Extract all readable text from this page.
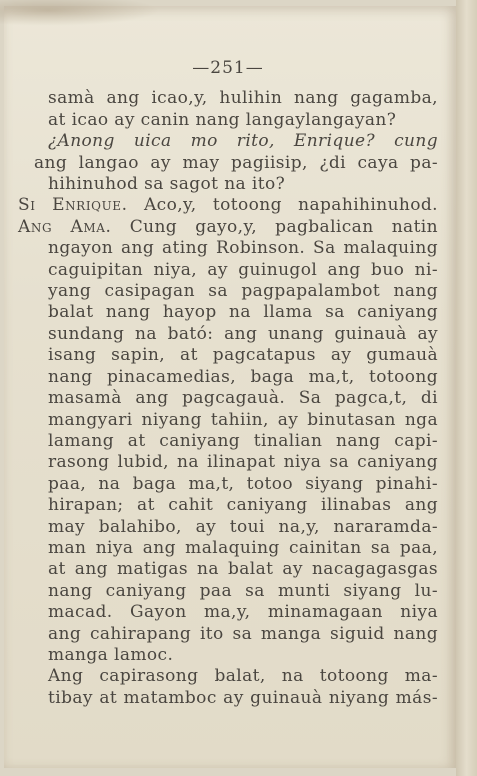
—251—
samà ang icao,y, hulihin nang gagamba,
at icao ay canin nang langaylangayan?
¿Anong uica mo rito, Enrique? cung
ang langao ay may pagiisip, ¿di caya pa-
hihinuhod sa sagot na ito?
Si Enrique. Aco,y, totoong napahihinuhod.
Ang Ama. Cung gayo,y, pagbalican natin
ngayon ang ating Robinson. Sa malaquing
caguipitan niya, ay guinugol ang buo ni-
yang casipagan sa pagpapalambot nang
balat nang hayop na llama sa caniyang
sundang na bató: ang unang guinauà ay
isang sapin, at pagcatapus ay gumauà
nang pinacamedias, baga ma,t, totoong
masamà ang pagcagauà. Sa pagca,t, di
mangyari niyang tahiin, ay binutasan nga
lamang at caniyang tinalian nang capi-
rasong lubid, na ilinapat niya sa caniyang
paa, na baga ma,t, totoo siyang pinahi-
hirapan; at cahit caniyang ilinabas ang
may balahibo, ay toui na,y, nararamda-
man niya ang malaquing cainitan sa paa,
at ang matigas na balat ay nacagagasgas
nang caniyang paa sa munti siyang lu-
macad. Gayon ma,y, minamagaan niya
ang cahirapang ito sa manga siguid nang
manga lamoc.
Ang capirasong balat, na totoong ma-
tibay at matamboc ay guinauà niyang más-
